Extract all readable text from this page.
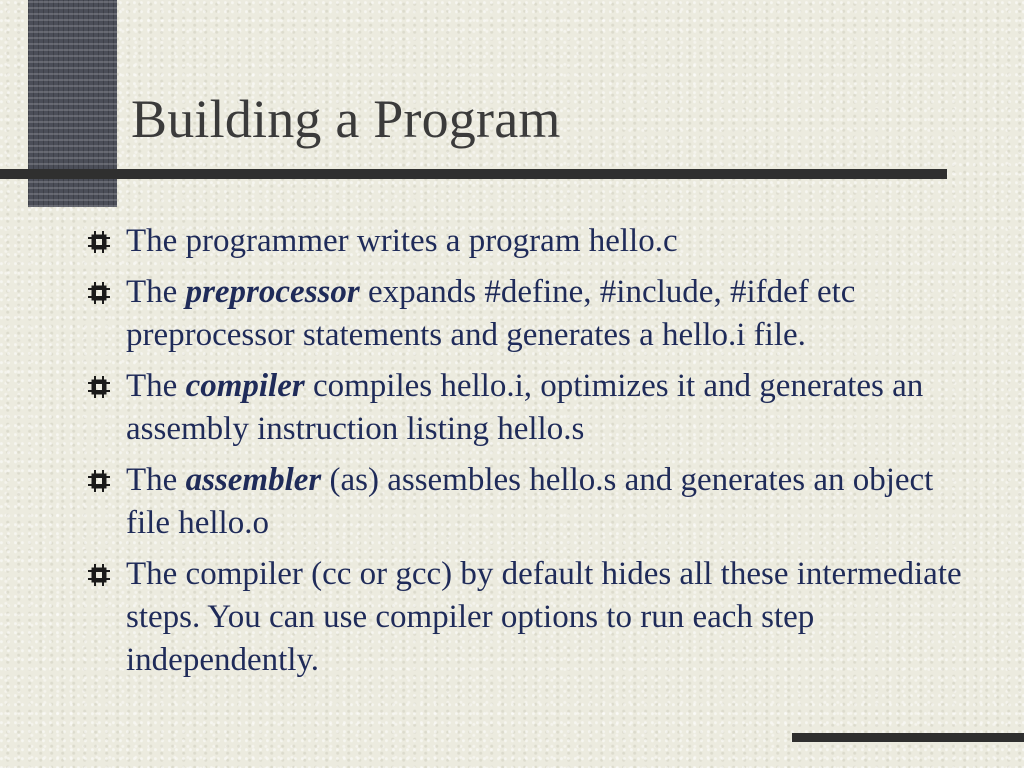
Building a Program
The programmer writes a program hello.c
The preprocessor expands #define, #include, #ifdef etc preprocessor statements and generates a hello.i file.
The compiler compiles hello.i, optimizes it and generates an assembly instruction listing hello.s
The assembler (as) assembles hello.s and generates an object file hello.o
The compiler (cc or gcc) by default hides all these intermediate steps. You can use compiler options to run each step independently.
